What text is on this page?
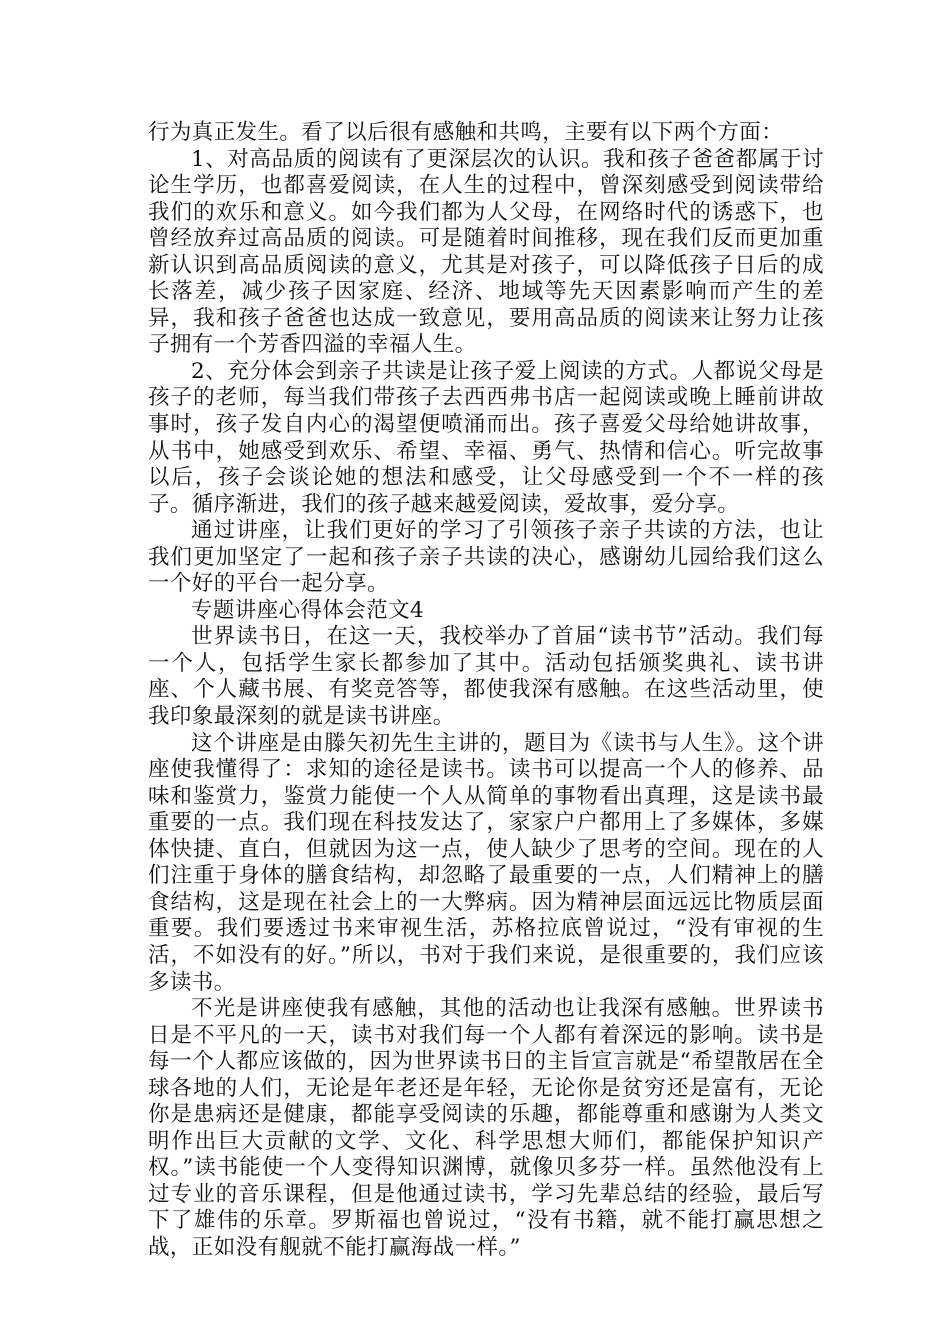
行为真正发生。看了以后很有感触和共鸣，主要有以下两个方面：

1、对高品质的阅读有了更深层次的认识。我和孩子爸爸都属于讨论生学历，也都喜爱阅读，在人生的过程中，曾深刻感受到阅读带给我们的欢乐和意义。如今我们都为人父母，在网络时代的诱惑下，也曾经放弃过高品质的阅读。可是随着时间推移，现在我们反而更加重新认识到高品质阅读的意义，尤其是对孩子，可以降低孩子日后的成长落差，减少孩子因家庭、经济、地域等先天因素影响而产生的差异，我和孩子爸爸也达成一致意见，要用高品质的阅读来让努力让孩子拥有一个芳香四溢的幸福人生。

2、充分体会到亲子共读是让孩子爱上阅读的方式。人都说父母是孩子的老师，每当我们带孩子去西西弗书店一起阅读或晚上睡前讲故事时，孩子发自内心的渴望便喷涌而出。孩子喜爱父母给她讲故事，从书中，她感受到欢乐、希望、幸福、勇气、热情和信心。听完故事以后，孩子会谈论她的想法和感受，让父母感受到一个不一样的孩子。循序渐进，我们的孩子越来越爱阅读，爱故事，爱分享。

通过讲座，让我们更好的学习了引领孩子亲子共读的方法，也让我们更加坚定了一起和孩子亲子共读的决心，感谢幼儿园给我们这么一个好的平台一起分享。

专题讲座心得体会范文4

世界读书日，在这一天，我校举办了首届“读书节”活动。我们每一个人，包括学生家长都参加了其中。活动包括颁奖典礼、读书讲座、个人藏书展、有奖竞答等，都使我深有感触。在这些活动里，使我印象最深刻的就是读书讲座。

这个讲座是由滕矢初先生主讲的，题目为《读书与人生》。这个讲座使我懂得了：求知的途径是读书。读书可以提高一个人的修养、品味和鉴赏力，鉴赏力能使一个人从简单的事物看出真理，这是读书最重要的一点。我们现在科技发达了，家家户户都用上了多媒体，多媒体快捷、直白，但就因为这一点，使人缺少了思考的空间。现在的人们注重于身体的膳食结构，却忽略了最重要的一点，人们精神上的膳食结构，这是现在社会上的一大弊病。因为精神层面远远比物质层面重要。我们要透过书来审视生活，苏格拉底曾说过，“没有审视的生活，不如没有的好。”所以，书对于我们来说，是很重要的，我们应该多读书。

不光是讲座使我有感触，其他的活动也让我深有感触。世界读书日是不平凡的一天，读书对我们每一个人都有着深远的影响。读书是每一个人都应该做的，因为世界读书日的主旨宣言就是“希望散居在全球各地的人们，无论是年老还是年轻，无论你是贫穷还是富有，无论你是患病还是健康，都能享受阅读的乐趣，都能尊重和感谢为人类文明作出巨大贡献的文学、文化、科学思想大师们，都能保护知识产权。”读书能使一个人变得知识渊博，就像贝多芬一样。虽然他没有上过专业的音乐课程，但是他通过读书，学习先辈总结的经验，最后写下了雄伟的乐章。罗斯福也曾说过，“没有书籍，就不能打赢思想之战，正如没有舰就不能打赢海战一样。”
